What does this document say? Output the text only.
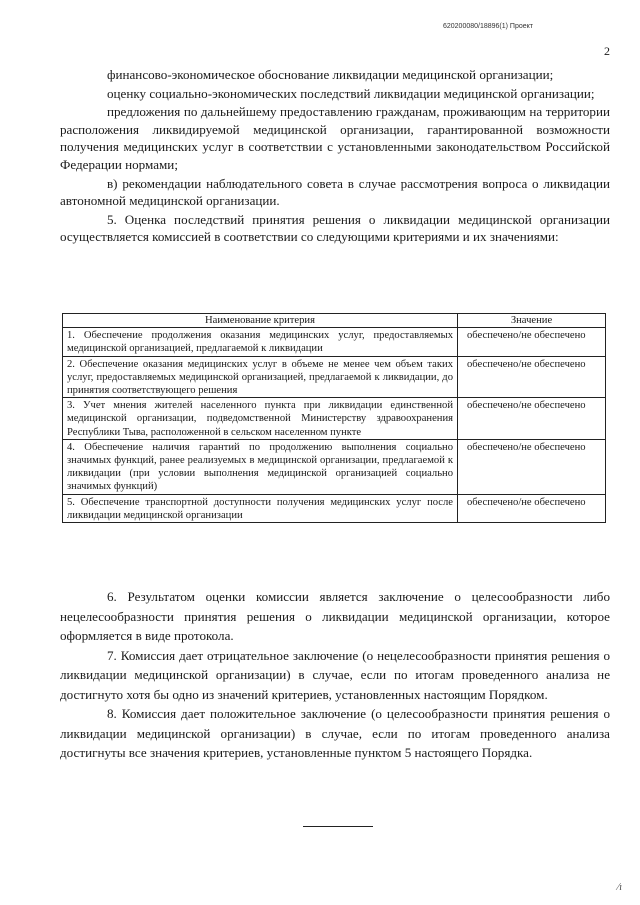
620200080/18896(1) Проект
2

финансово-экономическое обоснование ликвидации медицинской организации;

оценку социально-экономических последствий ликвидации медицинской организации;

предложения по дальнейшему предоставлению гражданам, проживающим на территории расположения ликвидируемой медицинской организации, гарантированной возможности получения медицинских услуг в соответствии с установленными законодательством Российской Федерации нормами;

в) рекомендации наблюдательного совета в случае рассмотрения вопроса о ликвидации автономной медицинской организации.

5. Оценка последствий принятия решения о ликвидации медицинской организации осуществляется комиссией в соответствии со следующими критериями и их значениями:

Наименование критерия	Значение
1. Обеспечение продолжения оказания медицинских услуг, предоставляемых медицинской организацией, предлагаемой к ликвидации	обеспечено/не обеспечено
2. Обеспечение оказания медицинских услуг в объеме не менее чем объем таких услуг, предоставляемых медицинской организацией, предлагаемой к ликвидации, до принятия соответствующего решения	обеспечено/не обеспечено
3. Учет мнения жителей населенного пункта при ликвидации единственной медицинской организации, подведомственной Министерству здравоохранения Республики Тыва, расположенной в сельском населенном пункте	обеспечено/не обеспечено
4. Обеспечение наличия гарантий по продолжению выполнения социально значимых функций, ранее реализуемых в медицинской организации, предлагаемой к ликвидации (при условии выполнения медицинской организацией социально значимых функций)	обеспечено/не обеспечено
5. Обеспечение транспортной доступности получения медицинских услуг после ликвидации медицинской организации	обеспечено/не обеспечено

6. Результатом оценки комиссии является заключение о целесообразности либо нецелесообразности принятия решения о ликвидации медицинской организации, которое оформляется в виде протокола.

7. Комиссия дает отрицательное заключение (о нецелесообразности принятия решения о ликвидации медицинской организации) в случае, если по итогам проведенного анализа не достигнуто хотя бы одно из значений критериев, установленных настоящим Порядком.

8. Комиссия дает положительное заключение (о целесообразности принятия решения о ликвидации медицинской организации) в случае, если по итогам проведенного анализа достигнуты все значения критериев, установленные пунктом 5 настоящего Порядка.

⁄ı
